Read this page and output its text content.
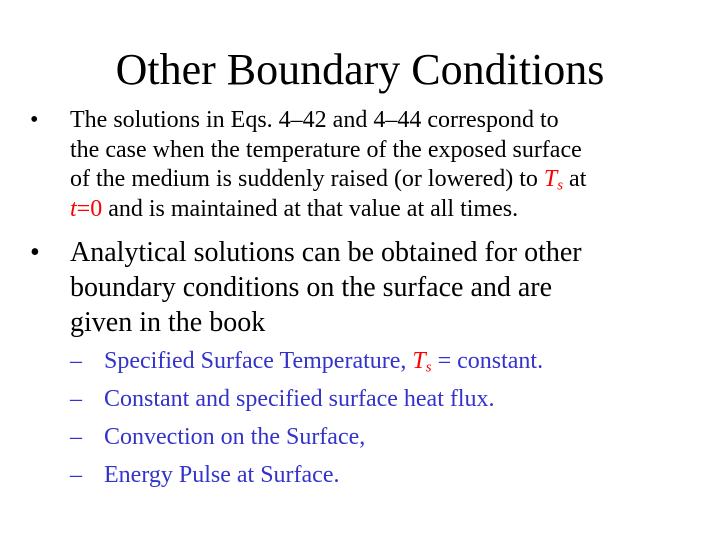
Other Boundary Conditions
•	The solutions in Eqs. 4–42 and 4–44 correspond to
the case when the temperature of the exposed surface
of the medium is suddenly raised (or lowered) to $T_s$ at
t=0 and is maintained at that value at all times.
•	Analytical solutions can be obtained for other
boundary conditions on the surface and are
given in the book
– Specified Surface Temperature, $T_s$ = constant.
– Constant and specified surface heat flux.
– Convection on the Surface,
– Energy Pulse at Surface.
